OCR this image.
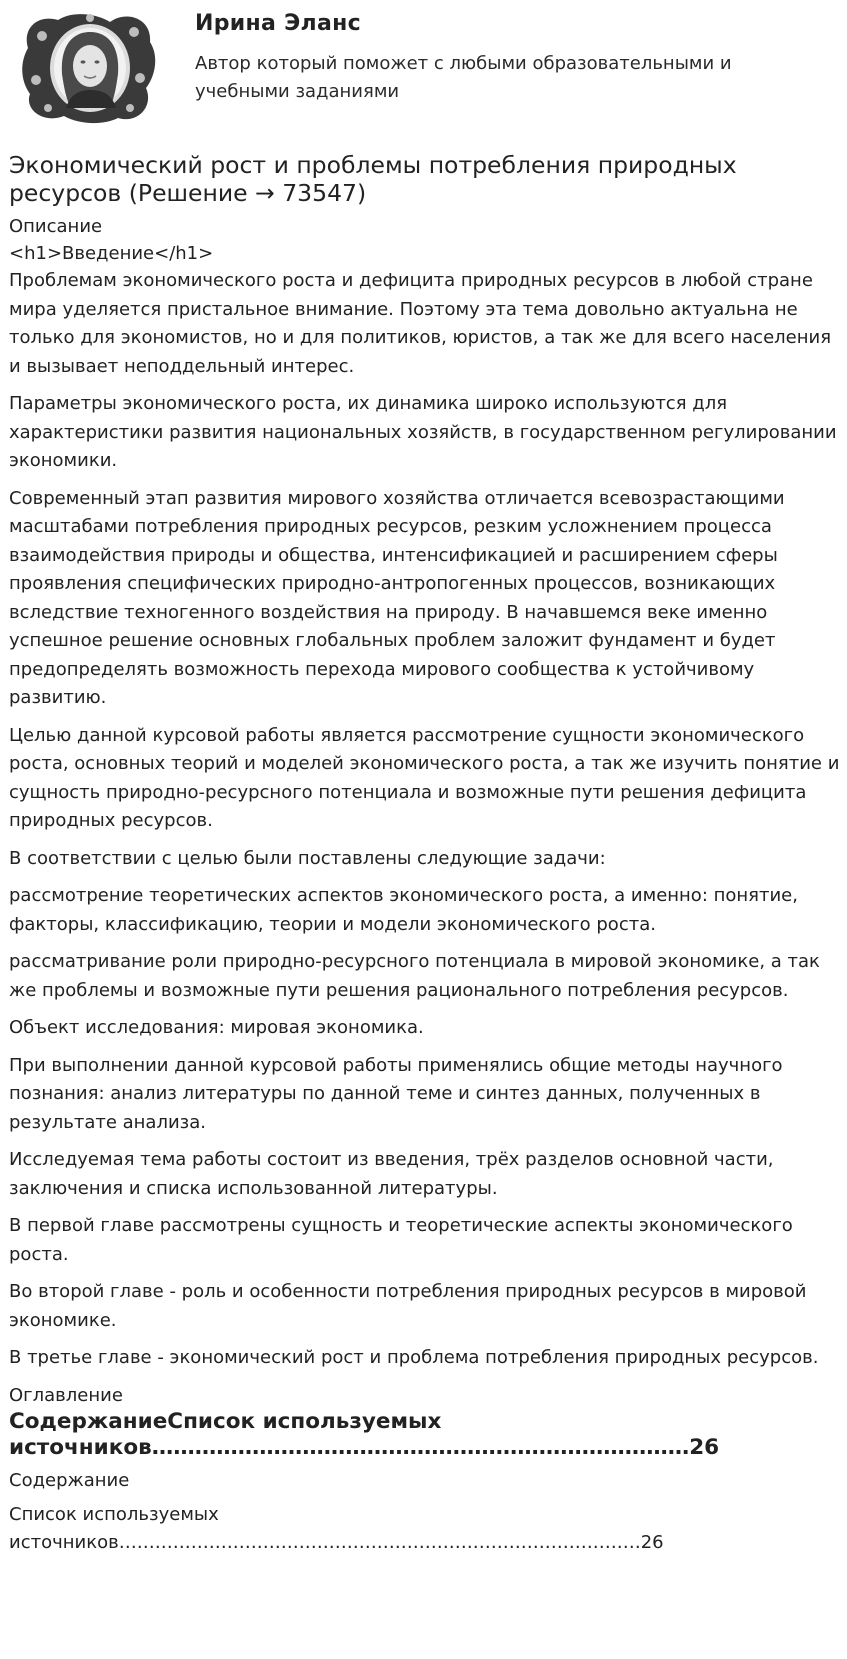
Ирина Эланс
Автор который поможет с любыми образовательными и учебными заданиями
Экономический рост и проблемы потребления природных ресурсов (Решение → 73547)

Описание

<h1>Введение</h1>

Проблемам экономического роста и дефицита природных ресурсов в любой стране мира уделяется пристальное внимание. Поэтому эта тема довольно актуальна не только для экономистов, но и для политиков, юристов, а так же для всего населения и вызывает неподдельный интерес.

Параметры экономического роста, их динамика широко используются для характеристики развития национальных хозяйств, в государственном регулировании экономики.

Современный этап развития мирового хозяйства отличается всевозрастающими масштабами потребления природных ресурсов, резким усложнением процесса взаимодействия природы и общества, интенсификацией и расширением сферы проявления специфических природно-антропогенных процессов, возникающих вследствие техногенного воздействия на природу. В начавшемся веке именно успешное решение основных глобальных проблем заложит фундамент и будет предопределять возможность перехода мирового сообщества к устойчивому развитию.

Целью данной курсовой работы является рассмотрение сущности экономического роста, основных теорий и моделей экономического роста, а так же изучить понятие и сущность природно-ресурсного потенциала и возможные пути решения дефицита природных ресурсов.

В соответствии с целью были поставлены следующие задачи:

рассмотрение теоретических аспектов экономического роста, а именно: понятие, факторы, классификацию, теории и модели экономического роста.

рассматривание роли природно-ресурсного потенциала в мировой экономике, а так же проблемы и возможные пути решения рационального потребления ресурсов.

Объект исследования: мировая экономика.

При выполнении данной курсовой работы применялись общие методы научного познания: анализ литературы по данной теме и синтез данных, полученных в результате анализа.

Исследуемая тема работы состоит из введения, трёх разделов основной части, заключения и списка использованной литературы.

В первой главе рассмотрены сущность и теоретические аспекты экономического роста.

Во второй главе - роль и особенности потребления природных ресурсов в мировой экономике.

В третье главе - экономический рост и проблема потребления природных ресурсов.

Оглавление

СодержаниеСписок используемых источников…………………………………………………………………26

Содержание

Список используемых источников……………………………………………………………………………26
